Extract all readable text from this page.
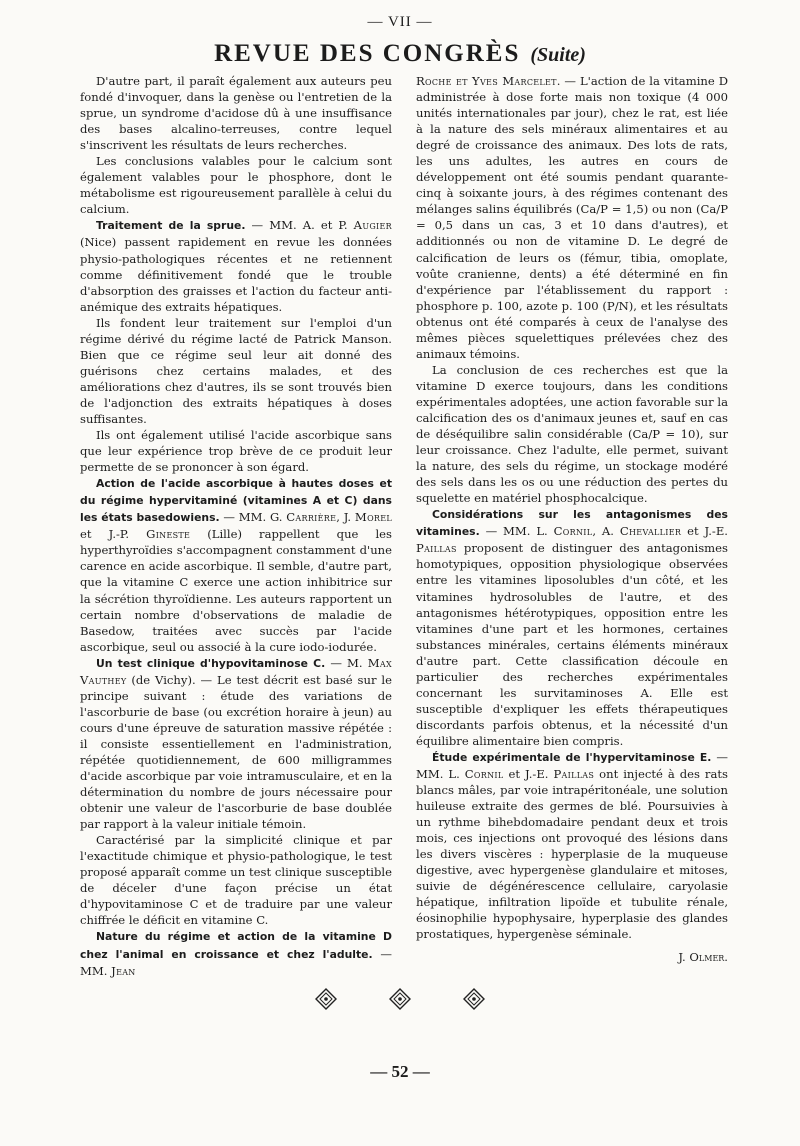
— VII —
REVUE DES CONGRÈS (Suite)

D'autre part, il paraît également aux auteurs peu fondé d'invoquer, dans la genèse ou l'entretien de la sprue, un syndrome d'acidose dû à une insuffisance des bases alcalino-terreuses, contre lequel s'inscrivent les résultats de leurs recherches.

Les conclusions valables pour le calcium sont également valables pour le phosphore, dont le métabolisme est rigoureusement parallèle à celui du calcium.

Traitement de la sprue. — MM. A. et P. Augier (Nice) passent rapidement en revue les données physio-pathologiques récentes et ne retiennent comme définitivement fondé que le trouble d'absorption des graisses et l'action du facteur anti-anémique des extraits hépatiques.

Ils fondent leur traitement sur l'emploi d'un régime dérivé du régime lacté de Patrick Manson. Bien que ce régime seul leur ait donné des guérisons chez certains malades, et des améliorations chez d'autres, ils se sont trouvés bien de l'adjonction des extraits hépatiques à doses suffisantes.

Ils ont également utilisé l'acide ascorbique sans que leur expérience trop brève de ce produit leur permette de se prononcer à son égard.

Action de l'acide ascorbique à hautes doses et du régime hypervitaminé (vitamines A et C) dans les états basedowiens. — MM. G. Carrière, J. Morel et J.-P. Gineste (Lille) rappellent que les hyperthyroïdies s'accompagnent constamment d'une carence en acide ascorbique. Il semble, d'autre part, que la vitamine C exerce une action inhibitrice sur la sécrétion thyroïdienne. Les auteurs rapportent un certain nombre d'observations de maladie de Basedow, traitées avec succès par l'acide ascorbique, seul ou associé à la cure iodo-iodurée.

Un test clinique d'hypovitaminose C. — M. Max Vauthey (de Vichy). — Le test décrit est basé sur le principe suivant : étude des variations de l'ascorburie de base (ou excrétion horaire à jeun) au cours d'une épreuve de saturation massive répétée : il consiste essentiellement en l'administration, répétée quotidiennement, de 600 milligrammes d'acide ascorbique par voie intramusculaire, et en la détermination du nombre de jours nécessaire pour obtenir une valeur de l'ascorburie de base doublée par rapport à la valeur initiale témoin.

Caractérisé par la simplicité clinique et par l'exactitude chimique et physio-pathologique, le test proposé apparaît comme un test clinique susceptible de déceler d'une façon précise un état d'hypovitaminose C et de traduire par une valeur chiffrée le déficit en vitamine C.

Nature du régime et action de la vitamine D chez l'animal en croissance et chez l'adulte. — MM. Jean

Roche et Yves Marcelet. — L'action de la vitamine D administrée à dose forte mais non toxique (4 000 unités internationales par jour), chez le rat, est liée à la nature des sels minéraux alimentaires et au degré de croissance des animaux. Des lots de rats, les uns adultes, les autres en cours de développement ont été soumis pendant quarante-cinq à soixante jours, à des régimes contenant des mélanges salins équilibrés (Ca/P = 1,5) ou non (Ca/P = 0,5 dans un cas, 3 et 10 dans d'autres), et additionnés ou non de vitamine D. Le degré de calcification de leurs os (fémur, tibia, omoplate, voûte cranienne, dents) a été déterminé en fin d'expérience par l'établissement du rapport : phosphore p. 100, azote p. 100 (P/N), et les résultats obtenus ont été comparés à ceux de l'analyse des mêmes pièces squelettiques prélevées chez des animaux témoins.

La conclusion de ces recherches est que la vitamine D exerce toujours, dans les conditions expérimentales adoptées, une action favorable sur la calcification des os d'animaux jeunes et, sauf en cas de déséquilibre salin considérable (Ca/P = 10), sur leur croissance. Chez l'adulte, elle permet, suivant la nature, des sels du régime, un stockage modéré des sels dans les os ou une réduction des pertes du squelette en matériel phosphocalcique.

Considérations sur les antagonismes des vitamines. — MM. L. Cornil, A. Chevallier et J.-E. Paillas proposent de distinguer des antagonismes homotypiques, opposition physiologique observées entre les vitamines liposolubles d'un côté, et les vitamines hydrosolubles de l'autre, et des antagonismes hétérotypiques, opposition entre les vitamines d'une part et les hormones, certaines substances minérales, certains éléments minéraux d'autre part. Cette classification découle en particulier des recherches expérimentales concernant les survitaminoses A. Elle est susceptible d'expliquer les effets thérapeutiques discordants parfois obtenus, et la nécessité d'un équilibre alimentaire bien compris.

Étude expérimentale de l'hypervitaminose E. — MM. L. Cornil et J.-E. Paillas ont injecté à des rats blancs mâles, par voie intrapéritonéale, une solution huileuse extraite des germes de blé. Poursuivies à un rythme bihebdomadaire pendant deux et trois mois, ces injections ont provoqué des lésions dans les divers viscères : hyperplasie de la muqueuse digestive, avec hypergenèse glandulaire et mitoses, suivie de dégénérescence cellulaire, caryolasie hépatique, infiltration lipoïde et tubulite rénale, éosinophilie hypophysaire, hyperplasie des glandes prostatiques, hypergenèse séminale.

J. Olmer.

— 52 —
